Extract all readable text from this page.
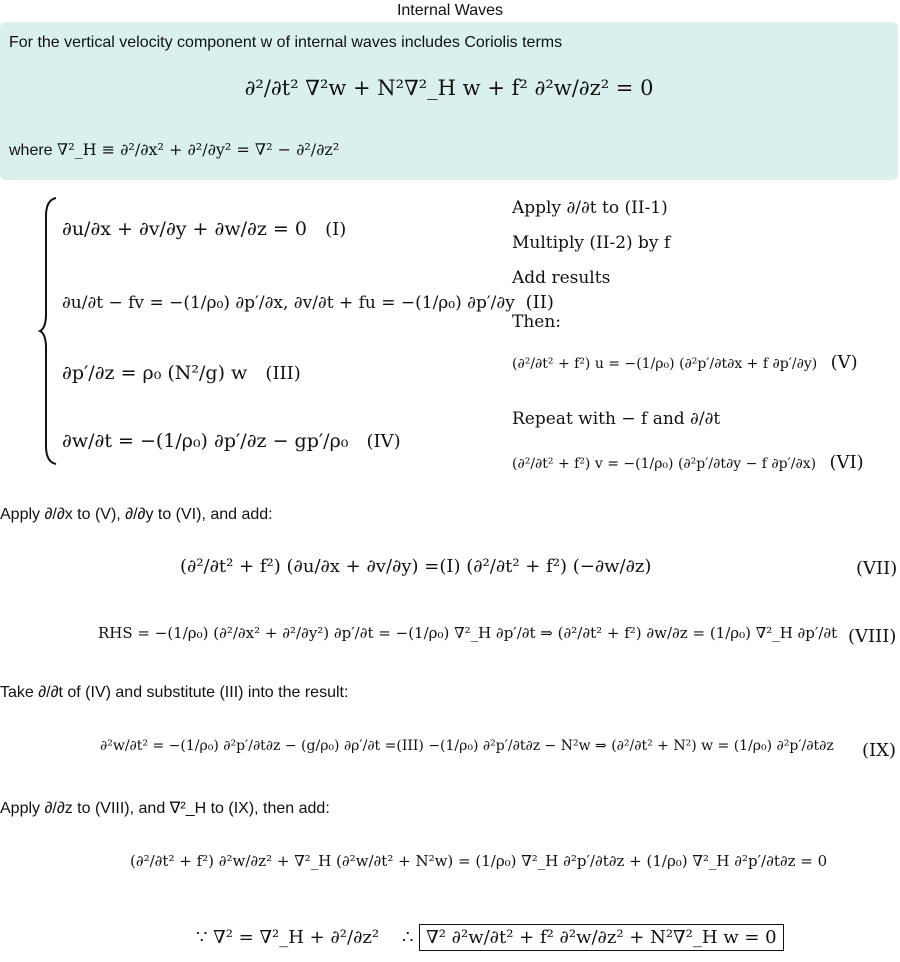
Internal Waves
For the vertical velocity component w of internal waves includes Coriolis terms
∂²/∂t² ∇²w + N²∇²_H w + f² ∂²w/∂z² = 0
where ∇²_H ≡ ∂²/∂x² + ∂²/∂y² = ∇² − ∂²/∂z²
∂u/∂x + ∂v/∂y + ∂w/∂z = 0 (I)
∂u/∂t − fv = −(1/ρ₀) ∂p′/∂x, ∂v/∂t + fu = −(1/ρ₀) ∂p′/∂y (II)
∂p′/∂z = ρ₀ (N²/g) w (III)
∂w/∂t = −(1/ρ₀) ∂p′/∂z − gp′/ρ₀ (IV)
Apply ∂/∂t to (II-1)
Multiply (II-2) by f
Add results
Then:
(∂²/∂t² + f²) u = −(1/ρ₀) (∂²p′/∂t∂x + f ∂p′/∂y) (V)
Repeat with − f and ∂/∂t
(∂²/∂t² + f²) v = −(1/ρ₀) (∂²p′/∂t∂y − f ∂p′/∂x) (VI)
Apply ∂/∂x to (V), ∂/∂y to (VI), and add:
(∂²/∂t² + f²) (∂u/∂x + ∂v/∂y) =(I) (∂²/∂t² + f²) (−∂w/∂z)	(VII)
RHS = −(1/ρ₀) (∂²/∂x² + ∂²/∂y²) ∂p′/∂t = −(1/ρ₀) ∇²_H ∂p′/∂t ⇒ (∂²/∂t² + f²) ∂w/∂z = (1/ρ₀) ∇²_H ∂p′/∂t (VIII)
Take ∂/∂t of (IV) and substitute (III) into the result:
∂²w/∂t² = −(1/ρ₀) ∂²p′/∂t∂z − (g/ρ₀) ∂ρ′/∂t =(III) −(1/ρ₀) ∂²p′/∂t∂z − N²w ⇒ (∂²/∂t² + N²) w = (1/ρ₀) ∂²p′/∂t∂z (IX)
Apply ∂/∂z to (VIII), and ∇²_H to (IX), then add:
(∂²/∂t² + f²) ∂²w/∂z² + ∇²_H (∂²w/∂t² + N²w) = (1/ρ₀) ∇²_H ∂²p′/∂t∂z + (1/ρ₀) ∇²_H ∂²p′/∂t∂z = 0
∵ ∇² = ∇²_H + ∂²/∂z² ∴ ∇² ∂²w/∂t² + f² ∂²w/∂z² + N²∇²_H w = 0
